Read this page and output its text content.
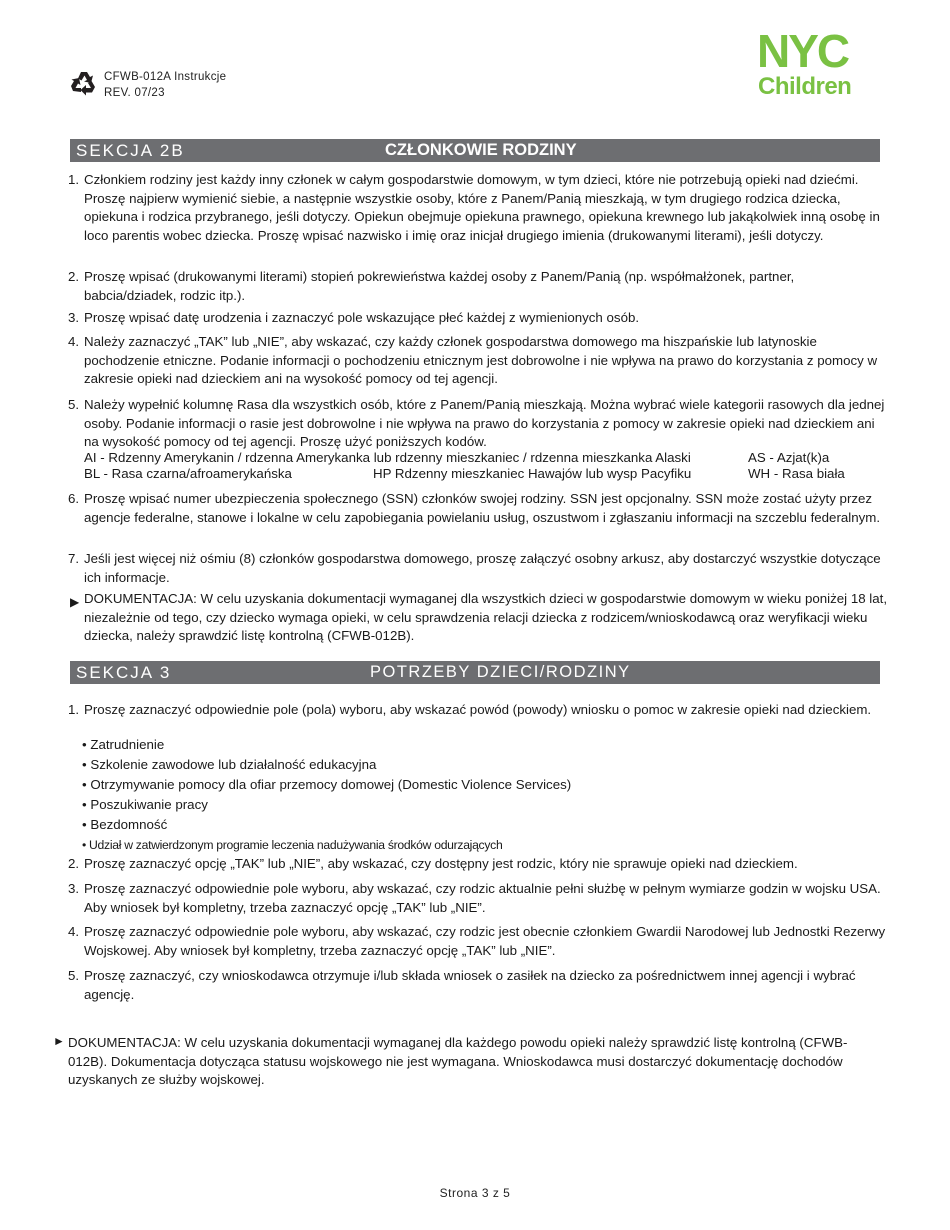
CFWB-012A Instrukcje
REV. 07/23
NYC
Children
SEKCJA 2B	CZŁONKOWIE RODZINY
1. Członkiem rodziny jest każdy inny członek w całym gospodarstwie domowym, w tym dzieci, które nie potrzebują opieki nad dziećmi. Proszę najpierw wymienić siebie, a następnie wszystkie osoby, które z Panem/Panią mieszkają, w tym drugiego rodzica dziecka, opiekuna i rodzica przybranego, jeśli dotyczy. Opiekun obejmuje opiekuna prawnego, opiekuna krewnego lub jakąkolwiek inną osobę in loco parentis wobec dziecka. Proszę wpisać nazwisko i imię oraz inicjał drugiego imienia (drukowanymi literami), jeśli dotyczy.
2. Proszę wpisać (drukowanymi literami) stopień pokrewieństwa każdej osoby z Panem/Panią (np. współmałżonek, partner, babcia/dziadek, rodzic itp.).
3. Proszę wpisać datę urodzenia i zaznaczyć pole wskazujące płeć każdej z wymienionych osób.
4. Należy zaznaczyć „TAK” lub „NIE”, aby wskazać, czy każdy członek gospodarstwa domowego ma hiszpańskie lub latynoskie pochodzenie etniczne. Podanie informacji o pochodzeniu etnicznym jest dobrowolne i nie wpływa na prawo do korzystania z pomocy w zakresie opieki nad dzieckiem ani na wysokość pomocy od tej agencji.
5. Należy wypełnić kolumnę Rasa dla wszystkich osób, które z Panem/Panią mieszkają. Można wybrać wiele kategorii rasowych dla jednej osoby. Podanie informacji o rasie jest dobrowolne i nie wpływa na prawo do korzystania z pomocy w zakresie opieki nad dzieckiem ani na wysokość pomocy od tej agencji. Proszę użyć poniższych kodów.
AI - Rdzenny Amerykanin / rdzenna Amerykanka lub rdzenny mieszkaniec / rdzenna mieszkanka Alaski	AS - Azjat(k)a
BL - Rasa czarna/afroamerykańska	HP Rdzenny mieszkaniec Hawajów lub wysp Pacyfiku	WH - Rasa biała
6. Proszę wpisać numer ubezpieczenia społecznego (SSN) członków swojej rodziny. SSN jest opcjonalny. SSN może zostać użyty przez agencje federalne, stanowe i lokalne w celu zapobiegania powielaniu usług, oszustwom i zgłaszaniu informacji na szczeblu federalnym.
7. Jeśli jest więcej niż ośmiu (8) członków gospodarstwa domowego, proszę załączyć osobny arkusz, aby dostarczyć wszystkie dotyczące ich informacje.
▶ DOKUMENTACJA: W celu uzyskania dokumentacji wymaganej dla wszystkich dzieci w gospodarstwie domowym w wieku poniżej 18 lat, niezależnie od tego, czy dziecko wymaga opieki, w celu sprawdzenia relacji dziecka z rodzicem/wnioskodawcą oraz weryfikacji wieku dziecka, należy sprawdzić listę kontrolną (CFWB-012B).
SEKCJA 3	POTRZEBY DZIECI/RODZINY
1. Proszę zaznaczyć odpowiednie pole (pola) wyboru, aby wskazać powód (powody) wniosku o pomoc w zakresie opieki nad dzieckiem.
• Zatrudnienie
• Szkolenie zawodowe lub działalność edukacyjna
• Otrzymywanie pomocy dla ofiar przemocy domowej (Domestic Violence Services)
• Poszukiwanie pracy
• Bezdomność
• Udział w zatwierdzonym programie leczenia nadużywania środków odurzających
2. Proszę zaznaczyć opcję „TAK” lub „NIE”, aby wskazać, czy dostępny jest rodzic, który nie sprawuje opieki nad dzieckiem.
3. Proszę zaznaczyć odpowiednie pole wyboru, aby wskazać, czy rodzic aktualnie pełni służbę w pełnym wymiarze godzin w wojsku USA. Aby wniosek był kompletny, trzeba zaznaczyć opcję „TAK” lub „NIE”.
4. Proszę zaznaczyć odpowiednie pole wyboru, aby wskazać, czy rodzic jest obecnie członkiem Gwardii Narodowej lub Jednostki Rezerwy Wojskowej. Aby wniosek był kompletny, trzeba zaznaczyć opcję „TAK” lub „NIE”.
5. Proszę zaznaczyć, czy wnioskodawca otrzymuje i/lub składa wniosek o zasiłek na dziecko za pośrednictwem innej agencji i wybrać agencję.
► DOKUMENTACJA: W celu uzyskania dokumentacji wymaganej dla każdego powodu opieki należy sprawdzić listę kontrolną (CFWB-012B). Dokumentacja dotycząca statusu wojskowego nie jest wymagana. Wnioskodawca musi dostarczyć dokumentację dochodów uzyskanych ze służby wojskowej.
Strona 3 z 5
